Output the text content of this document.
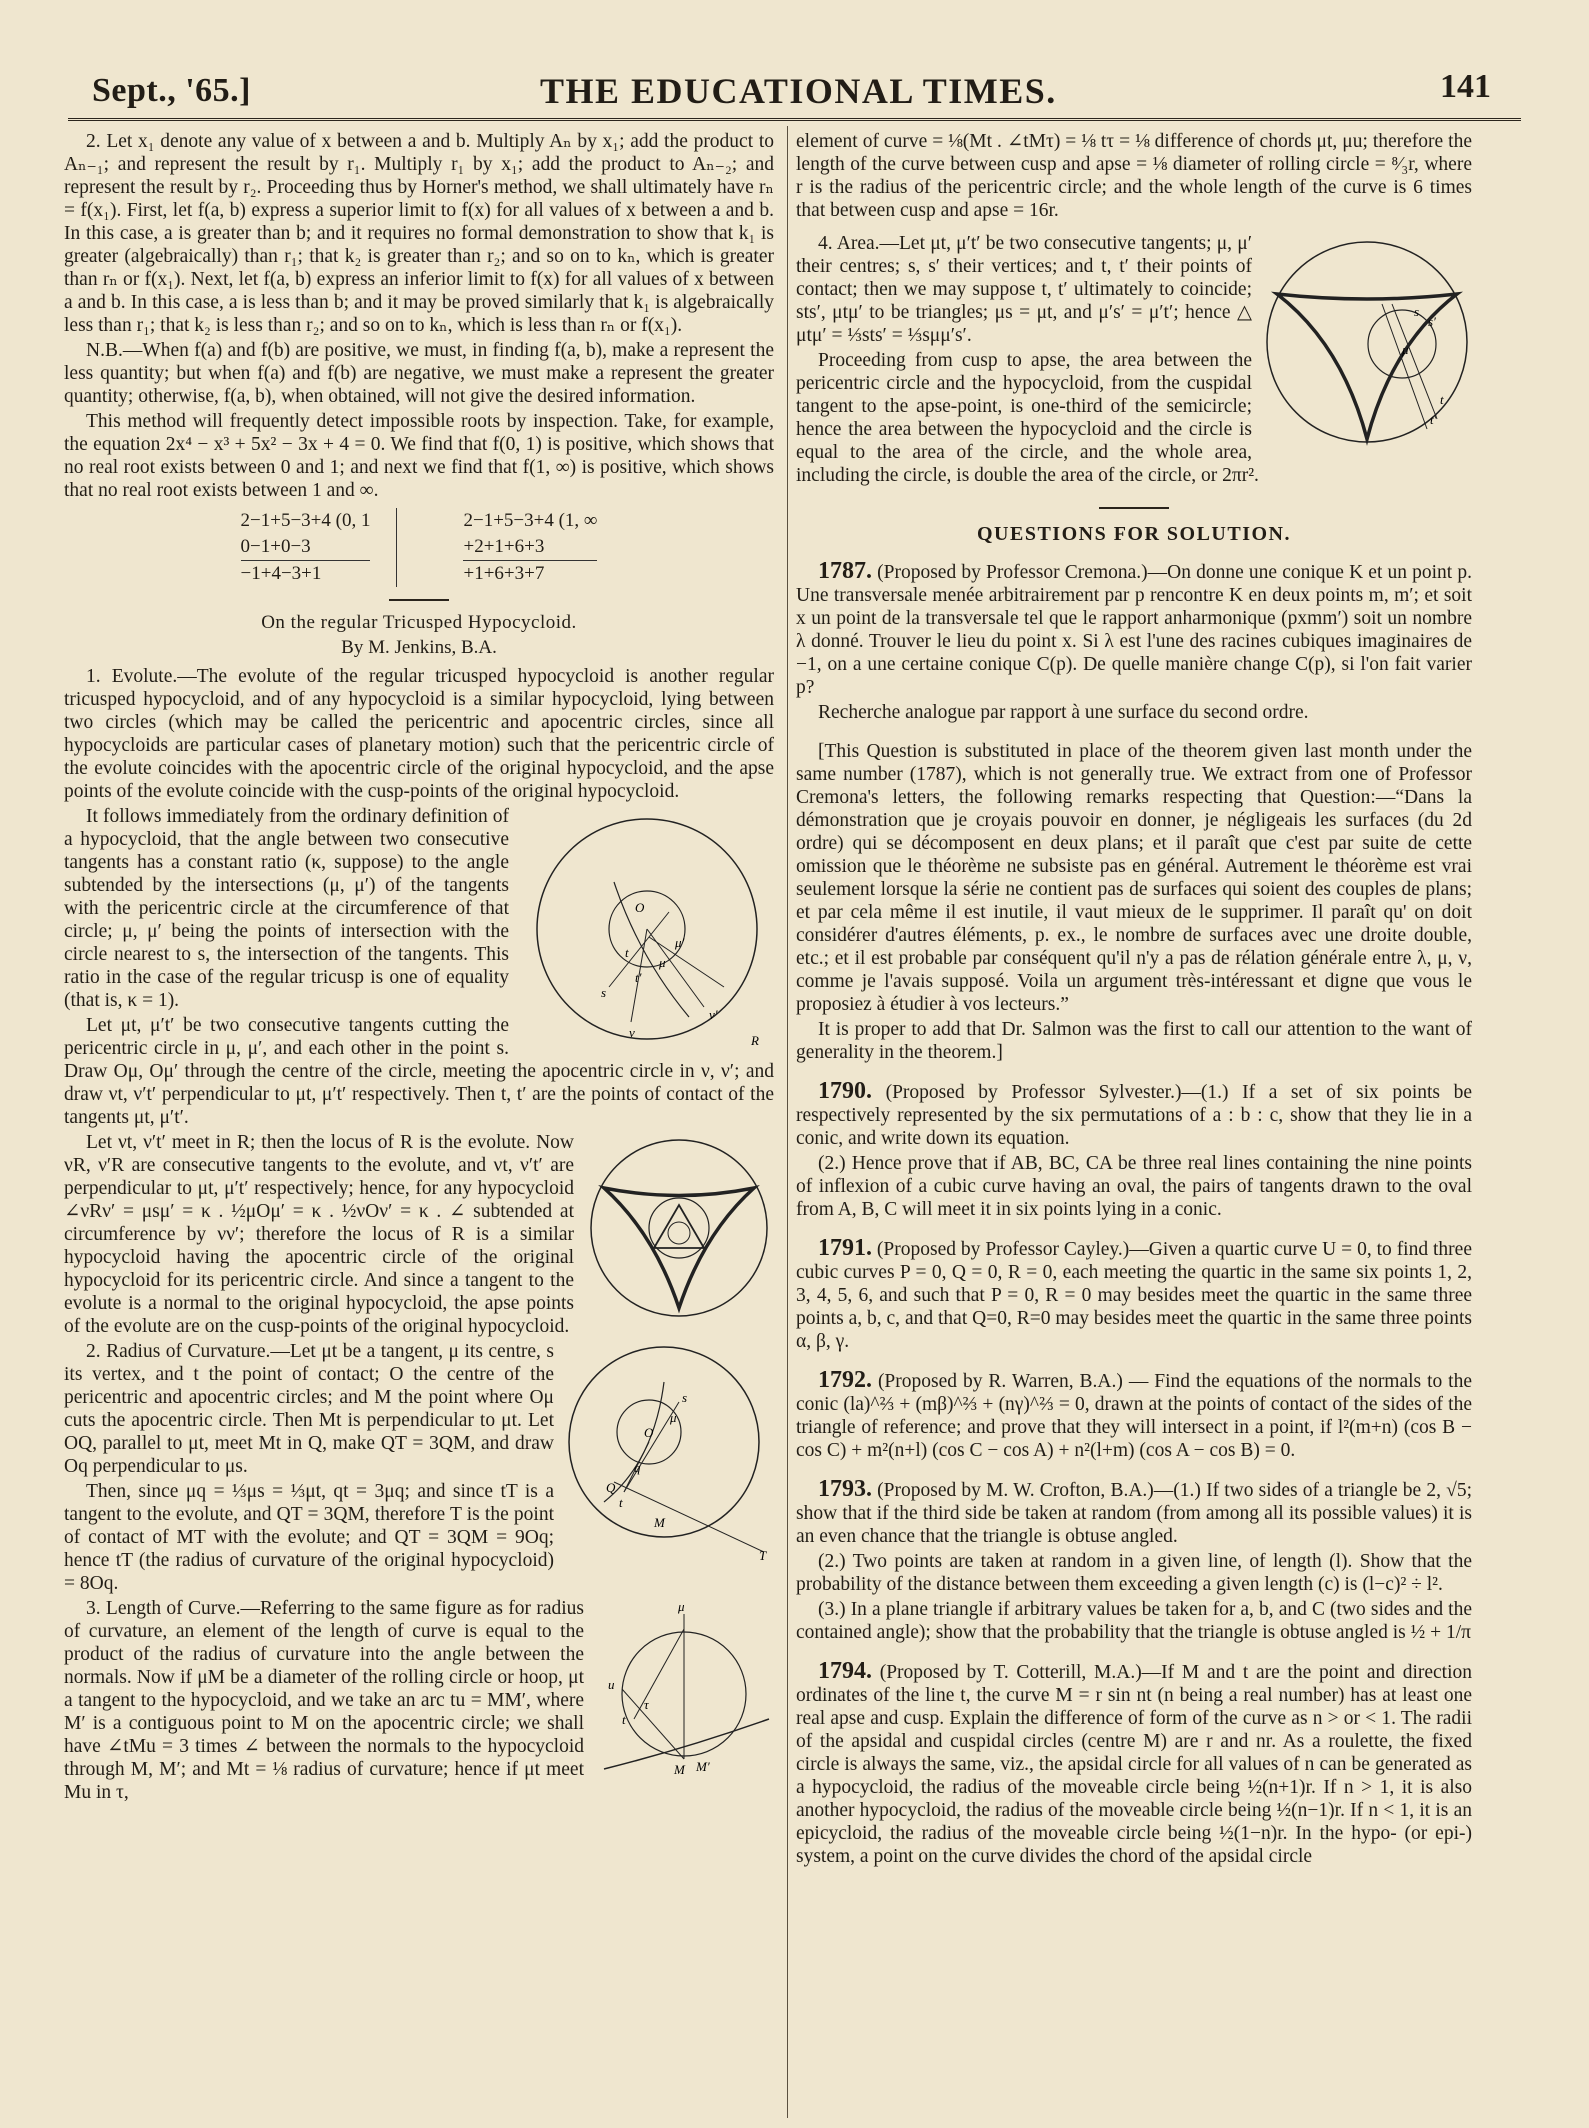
Sept., '65.]	THE EDUCATIONAL TIMES.	141

2. Let x₁ denote any value of x between a and b. Multiply Aₙ by x₁; add the product to Aₙ₋₁; and represent the result by r₁. Multiply r₁ by x₁; add the product to Aₙ₋₂; and represent the result by r₂. Proceeding thus by Horner's method, we shall ultimately have rₙ = f(x₁). First, let f(a, b) express a superior limit to f(x) for all values of x between a and b. In this case, a is greater than b; and it requires no formal demonstration to show that k₁ is greater (algebraically) than r₁; that k₂ is greater than r₂; and so on to kₙ, which is greater than rₙ or f(x₁). Next, let f(a, b) express an inferior limit to f(x) for all values of x between a and b. In this case, a is less than b; and it may be proved similarly that k₁ is algebraically less than r₁; that k₂ is less than r₂; and so on to kₙ, which is less than rₙ or f(x₁).

N.B.—When f(a) and f(b) are positive, we must, in finding f(a, b), make a represent the less quantity; but when f(a) and f(b) are negative, we must make a represent the greater quantity; otherwise, f(a, b), when obtained, will not give the desired information.

This method will frequently detect impossible roots by inspection. Take, for example, the equation 2x⁴ − x³ + 5x² − 3x + 4 = 0. We find that f(0, 1) is positive, which shows that no real root exists between 0 and 1; and next we find that f(1, ∞) is positive, which shows that no real root exists between 1 and ∞.

2−1+5−3+4 (0, 1
0−1+0−3
−1+4−3+1
2−1+5−3+4 (1, ∞
+2+1+6+3
+1+6+3+7
On the regular Tricusped Hypocycloid.
By M. Jenkins, B.A.

1. Evolute.—The evolute of the regular tricusped hypocycloid is another regular tricusped hypocycloid, and of any hypocycloid is a similar hypocycloid, lying between two circles (which may be called the pericentric and apocentric circles, since all hypocycloids are particular cases of planetary motion) such that the pericentric circle of the evolute coincides with the apocentric circle of the original hypocycloid, and the apse points of the evolute coincide with the cusp-points of the original hypocycloid.

O
μ′
μ
t
t′
s
ν
ν′
R

It follows immediately from the ordinary definition of a hypocycloid, that the angle between two consecutive tangents has a constant ratio (κ, suppose) to the angle subtended by the intersections (μ, μ′) of the tangents with the pericentric circle at the circumference of that circle; μ, μ′ being the points of intersection with the circle nearest to s, the intersection of the tangents. This ratio in the case of the regular tricusp is one of equality (that is, κ = 1).

Let μt, μ′t′ be two consecutive tangents cutting the pericentric circle in μ, μ′, and each other in the point s. Draw Oμ, Oμ′ through the centre of the circle, meeting the apocentric circle in ν, ν′; and draw νt, ν′t′ perpendicular to μt, μ′t′ respectively. Then t, t′ are the points of contact of the tangents μt, μ′t′.

Let νt, ν′t′ meet in R; then the locus of R is the evolute. Now νR, ν′R are consecutive tangents to the evolute, and νt, ν′t′ are perpendicular to μt, μ′t′ respectively; hence, for any hypocycloid ∠νRν′ = μsμ′ = κ . ½μOμ′ = κ . ½νOν′ = κ . ∠ subtended at circumference by νν′; therefore the locus of R is a similar hypocycloid having the apocentric circle of the original hypocycloid for its pericentric circle. And since a tangent to the evolute is a normal to the original hypocycloid, the apse points of the evolute are on the cusp-points of the original hypocycloid.

s
μ
O
q
Q
t
M
T

2. Radius of Curvature.—Let μt be a tangent, μ its centre, s its vertex, and t the point of contact; O the centre of the pericentric and apocentric circles; and M the point where Oμ cuts the apocentric circle. Then Mt is perpendicular to μt. Let OQ, parallel to μt, meet Mt in Q, make QT = 3QM, and draw Oq perpendicular to μs.

Then, since μq = ⅓μs = ⅓μt, qt = 3μq; and since tT is a tangent to the evolute, and QT = 3QM, therefore T is the point of contact of MT with the evolute; and QT = 3QM = 9Oq; hence tT (the radius of curvature of the original hypocycloid) = 8Oq.

μ
u
t
τ
M M′

3. Length of Curve.—Referring to the same figure as for radius of curvature, an element of the length of curve is equal to the product of the radius of curvature into the angle between the normals. Now if μM be a diameter of the rolling circle or hoop, μt a tangent to the hypocycloid, and we take an arc tu = MM′, where M′ is a contiguous point to M on the apocentric circle; we shall have ∠tMu = 3 times ∠ between the normals to the hypocycloid through M, M′; and Mt = ⅛ radius of curvature; hence if μt meet Mu in τ,

element of curve = ⅛(Mt . ∠tMτ) = ⅛ tτ = ⅛ difference of chords μt, μu; therefore the length of the curve between cusp and apse = ⅛ diameter of rolling circle = ⁸⁄₃r, where r is the radius of the pericentric circle; and the whole length of the curve is 6 times that between cusp and apse = 16r.

s
s′
μ
t
t′

4. Area.—Let μt, μ′t′ be two consecutive tangents; μ, μ′ their centres; s, s′ their vertices; and t, t′ their points of contact; then we may suppose t, t′ ultimately to coincide; sts′, μtμ′ to be triangles; μs = μt, and μ′s′ = μ′t′; hence △ μtμ′ = ⅓sts′ = ⅓sμμ′s′.

Proceeding from cusp to apse, the area between the pericentric circle and the hypocycloid, from the cuspidal tangent to the apse-point, is one-third of the semicircle; hence the area between the hypocycloid and the circle is equal to the area of the circle, and the whole area, including the circle, is double the area of the circle, or 2πr².

QUESTIONS FOR SOLUTION.

1787. (Proposed by Professor Cremona.)—On donne une conique K et un point p. Une transversale menée arbitrairement par p rencontre K en deux points m, m′; et soit x un point de la transversale tel que le rapport anharmonique (pxmm′) soit un nombre λ donné. Trouver le lieu du point x. Si λ est l'une des racines cubiques imaginaires de −1, on a une certaine conique C(p). De quelle manière change C(p), si l'on fait varier p?

Recherche analogue par rapport à une surface du second ordre.

[This Question is substituted in place of the theorem given last month under the same number (1787), which is not generally true. We extract from one of Professor Cremona's letters, the following remarks respecting that Question:—“Dans la démonstration que je croyais pouvoir en donner, je négligeais les surfaces (du 2d ordre) qui se décomposent en deux plans; et il paraît que c'est par suite de cette omission que le théorème ne subsiste pas en général. Autrement le théorème est vrai seulement lorsque la série ne contient pas de surfaces qui soient des couples de plans; et par cela même il est inutile, il vaut mieux de le supprimer. Il paraît qu' on doit considérer d'autres éléments, p. ex., le nombre de surfaces avec une droite double, etc.; et il est probable par conséquent qu'il n'y a pas de rélation générale entre λ, μ, ν, comme je l'avais supposé. Voila un argument très-intéressant et digne que vous le proposiez à étudier à vos lecteurs.”

It is proper to add that Dr. Salmon was the first to call our attention to the want of generality in the theorem.]

1790. (Proposed by Professor Sylvester.)—(1.) If a set of six points be respectively represented by the six permutations of a : b : c, show that they lie in a conic, and write down its equation.

(2.) Hence prove that if AB, BC, CA be three real lines containing the nine points of inflexion of a cubic curve having an oval, the pairs of tangents drawn to the oval from A, B, C will meet it in six points lying in a conic.

1791. (Proposed by Professor Cayley.)—Given a quartic curve U = 0, to find three cubic curves P = 0, Q = 0, R = 0, each meeting the quartic in the same six points 1, 2, 3, 4, 5, 6, and such that P = 0, R = 0 may besides meet the quartic in the same three points a, b, c, and that Q=0, R=0 may besides meet the quartic in the same three points α, β, γ.

1792. (Proposed by R. Warren, B.A.) — Find the equations of the normals to the conic (la)^⅔ + (mβ)^⅔ + (nγ)^⅔ = 0, drawn at the points of contact of the sides of the triangle of reference; and prove that they will intersect in a point, if l²(m+n) (cos B − cos C) + m²(n+l) (cos C − cos A) + n²(l+m) (cos A − cos B) = 0.

1793. (Proposed by M. W. Crofton, B.A.)—(1.) If two sides of a triangle be 2, √5; show that if the third side be taken at random (from among all its possible values) it is an even chance that the triangle is obtuse angled.

(2.) Two points are taken at random in a given line, of length (l). Show that the probability of the distance between them exceeding a given length (c) is (l−c)² ÷ l².

(3.) In a plane triangle if arbitrary values be taken for a, b, and C (two sides and the contained angle); show that the probability that the triangle is obtuse angled is ½ + 1/π

1794. (Proposed by T. Cotterill, M.A.)—If M and t are the point and direction ordinates of the line t, the curve M = r sin nt (n being a real number) has at least one real apse and cusp. Explain the difference of form of the curve as n > or < 1. The radii of the apsidal and cuspidal circles (centre M) are r and nr. As a roulette, the fixed circle is always the same, viz., the apsidal circle for all values of n can be generated as a hypocycloid, the radius of the moveable circle being ½(n+1)r. If n > 1, it is also another hypocycloid, the radius of the moveable circle being ½(n−1)r. If n < 1, it is an epicycloid, the radius of the moveable circle being ½(1−n)r. In the hypo- (or epi-) system, a point on the curve divides the chord of the apsidal circle
